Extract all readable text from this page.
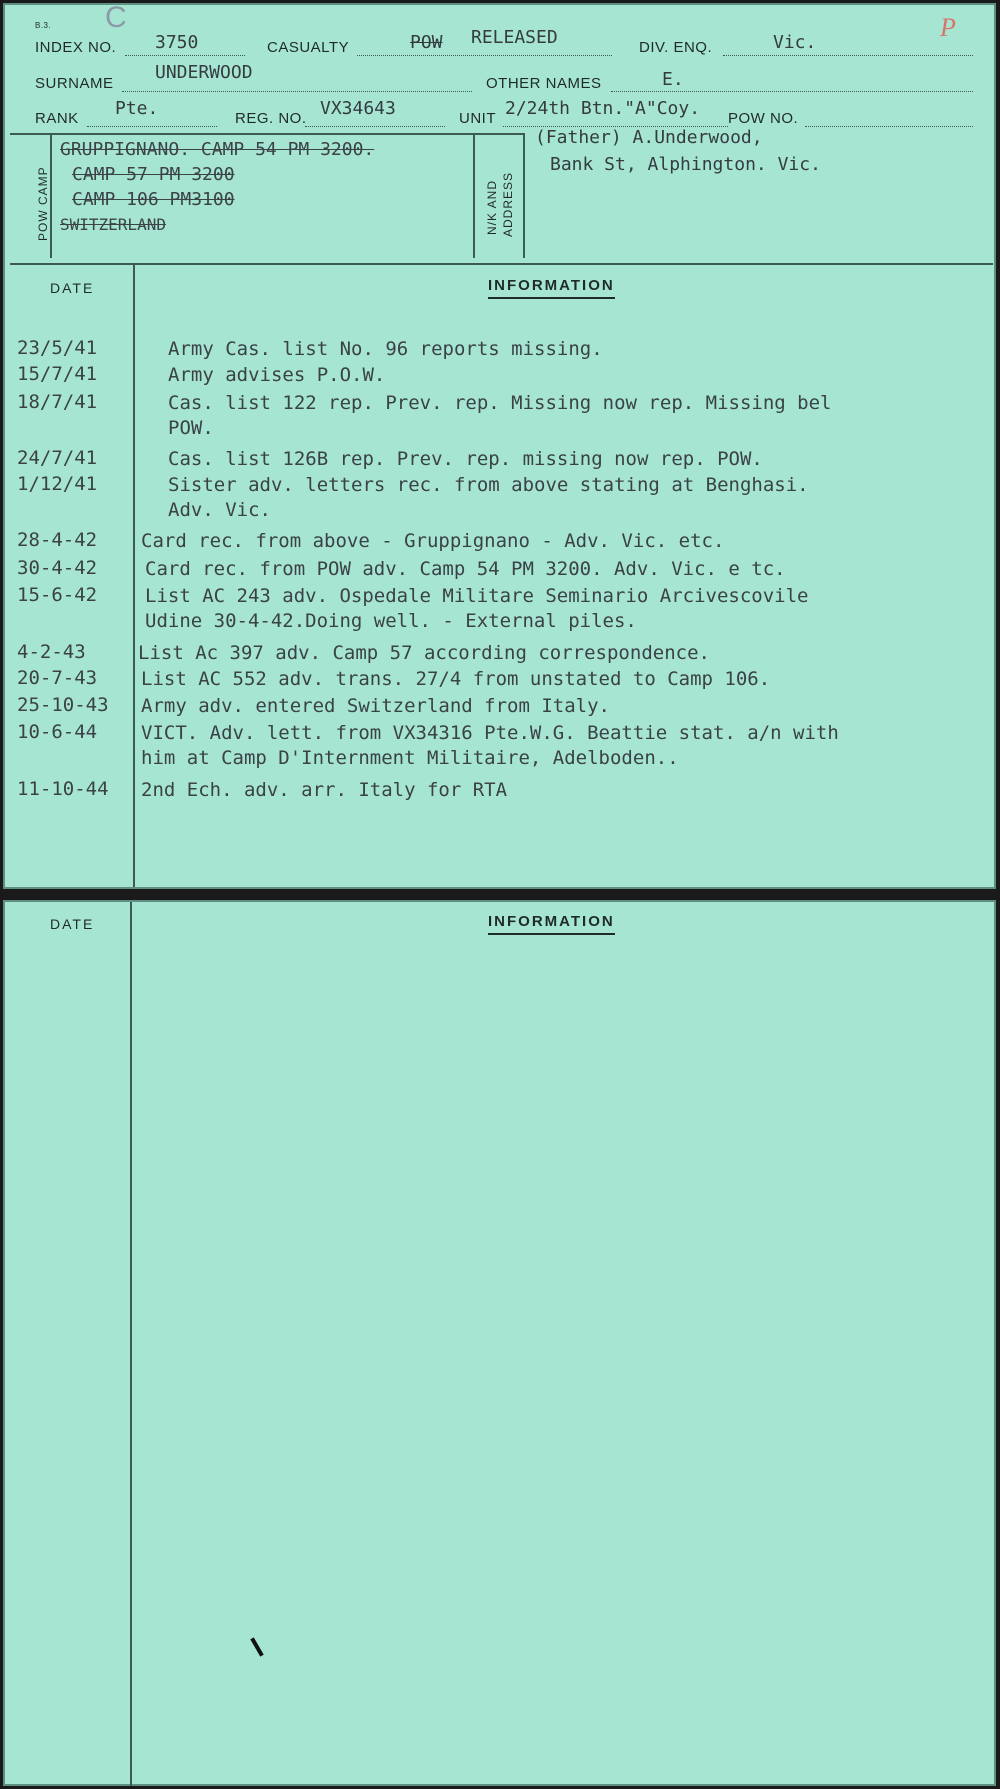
B.3. C	P
INDEX NO. 3750	CASUALTY	POW RELEASED	DIV. ENQ.	Vic.
SURNAME
UNDERWOOD
OTHER NAMES	E.
RANK Pte.	REG. NO. VX34643	UNIT 2/24th Btn."A"Coy. POW NO.
POW CAMP	N/K AND ADDRESS
GRUPPIGNANO. CAMP 54 PM 3200.
CAMP 57 PM 3200
CAMP 106 PM3100
SWITZERLAND
(Father) A.Underwood,
Bank St, Alphington. Vic.
DATE	INFORMATION
23/5/41	Army Cas. list No. 96 reports missing.
15/7/41	Army advises P.O.W.
18/7/41	Cas. list 122 rep. Prev. rep. Missing now rep. Missing bel
POW.
24/7/41	Cas. list 126B rep. Prev. rep. missing now rep. POW.
1/12/41	Sister adv. letters rec. from above stating at Benghasi.
Adv. Vic.
28-4-42 Card rec. from above - Gruppignano - Adv. Vic. etc.
30-4-42	Card rec. from POW adv. Camp 54 PM 3200. Adv. Vic. e tc.
15-6-42	List AC 243 adv. Ospedale Militare Seminario Arcivescovile
Udine 30-4-42.Doing well. - External piles.
4-2-43	List Ac 397 adv. Camp 57 according correspondence.
20-7-43 List AC 552 adv. trans. 27/4 from unstated to Camp 106.
25-10-43 Army adv. entered Switzerland from Italy.
10-6-44 VICT. Adv. lett. from VX34316 Pte.W.G. Beattie stat. a/n with
him at Camp D'Internment Militaire, Adelboden..
11-10-44 2nd Ech. adv. arr. Italy for RTA
DATE	INFORMATION
